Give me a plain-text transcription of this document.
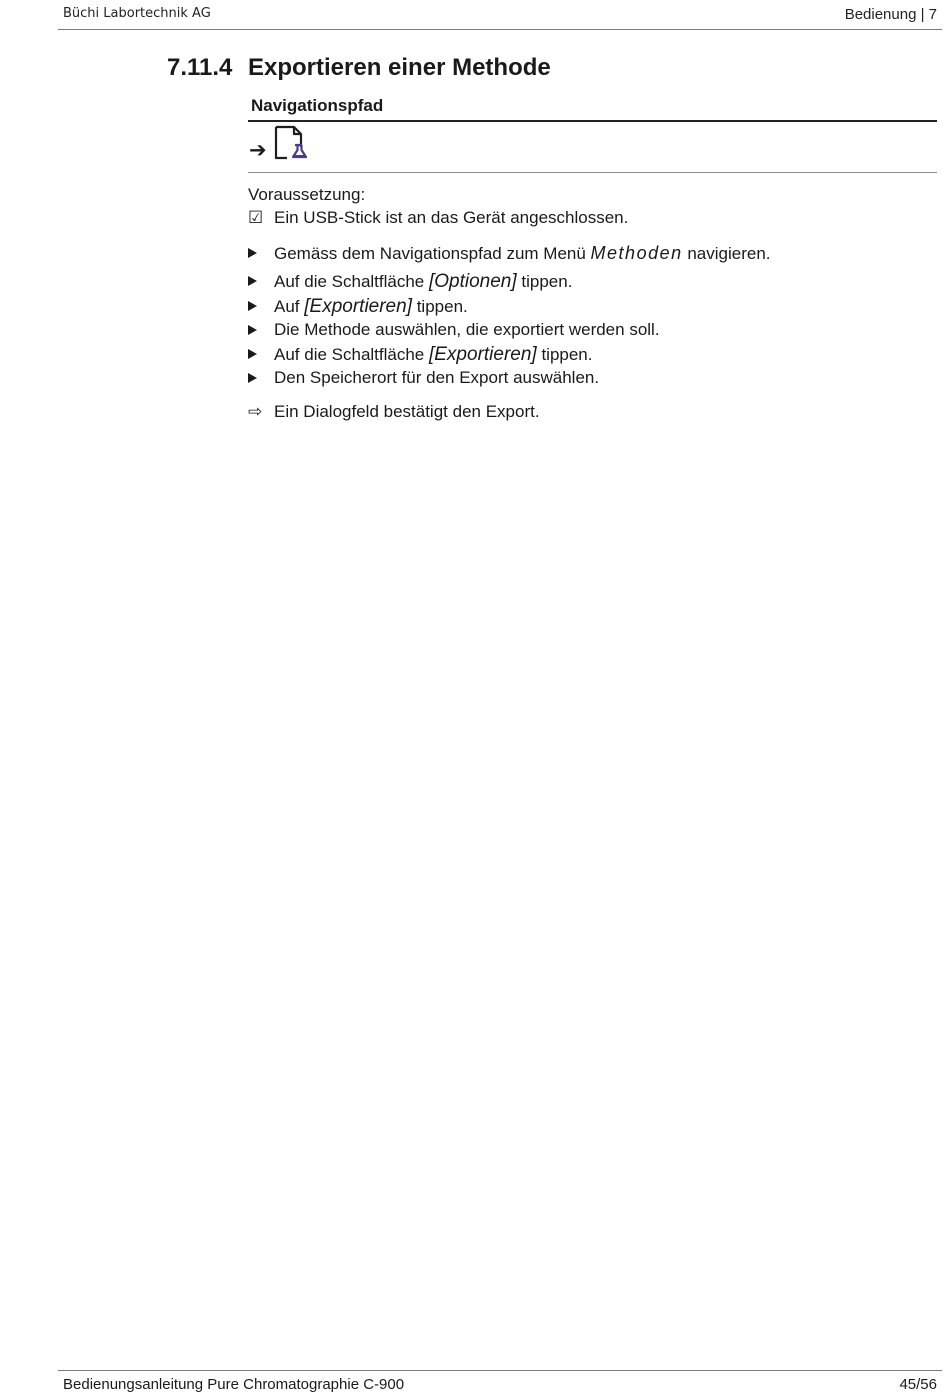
Büchi Labortechnik AG	Bedienung | 7
7.11.4 Exportieren einer Methode
Navigationspfad
➔
Voraussetzung:
☑ Ein USB-Stick ist an das Gerät angeschlossen.
Gemäss dem Navigationspfad zum Menü Methoden navigieren.
Auf die Schaltfläche [Optionen] tippen.
Auf [Exportieren] tippen.
Die Methode auswählen, die exportiert werden soll.
Auf die Schaltfläche [Exportieren] tippen.
Den Speicherort für den Export auswählen.
⇨ Ein Dialogfeld bestätigt den Export.
Bedienungsanleitung Pure Chromatographie C-900	45/56
